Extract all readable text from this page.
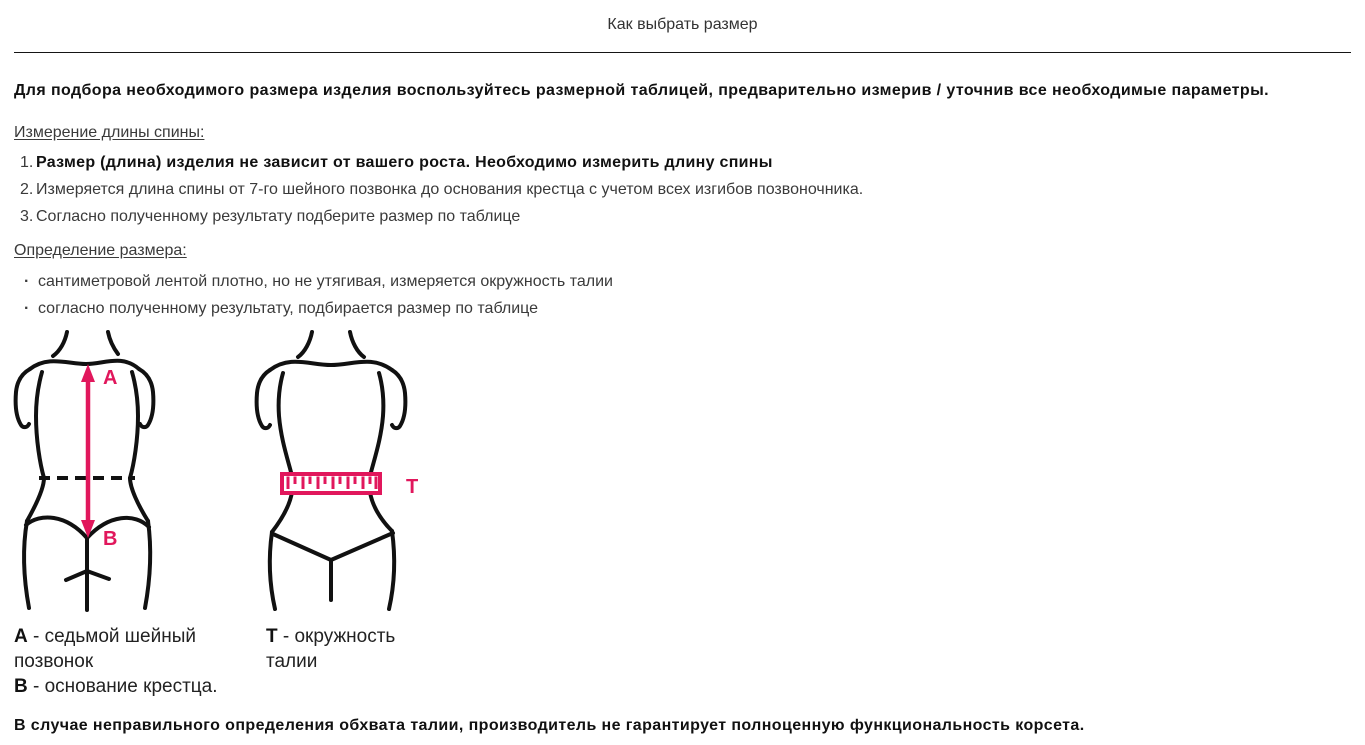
Как выбрать размер

Для подбора необходимого размера изделия воспользуйтесь размерной таблицей, предварительно измерив / уточнив все необходимые параметры.

Измерение длины спины:
1. Размер (длина) изделия не зависит от вашего роста. Необходимо измерить длину спины
2. Измеряется длина спины от 7-го шейного позвонка до основания крестца с учетом всех изгибов позвоночника.
3. Согласно полученному результату подберите размер по таблице
Определение размера:
· сантиметровой лентой плотно, но не утягивая, измеряется окружность талии
· согласно полученному результату, подбирается размер по таблице
А
В
Т
А - седьмой шейный позвонок
В - основание крестца.
Т - окружность талии

В случае неправильного определения обхвата талии, производитель не гарантирует полноценную функциональность корсета.
